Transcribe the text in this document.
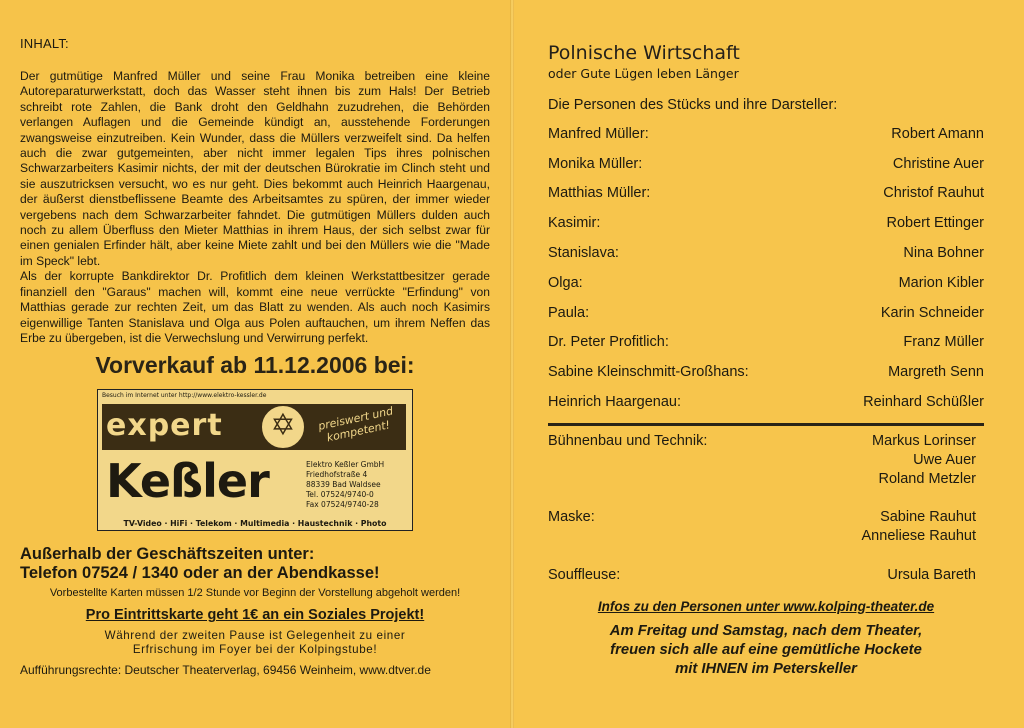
INHALT:

Der gutmütige Manfred Müller und seine Frau Monika betreiben eine kleine Autoreparaturwerkstatt, doch das Wasser steht ihnen bis zum Hals! Der Betrieb schreibt rote Zahlen, die Bank droht den Geldhahn zuzudrehen, die Behörden verlangen Auflagen und die Gemeinde kündigt an, ausstehende Forderungen zwangsweise einzutreiben. Kein Wunder, dass die Müllers verzweifelt sind. Da helfen auch die zwar gutgemeinten, aber nicht immer legalen Tips ihres polnischen Schwarzarbeiters Kasimir nichts, der mit der deutschen Bürokratie im Clinch steht und sie auszutricksen versucht, wo es nur geht. Dies bekommt auch Heinrich Haargenau, der äußerst dienstbeflissene Beamte des Arbeitsamtes zu spüren, der immer wieder vergebens nach dem Schwarzarbeiter fahndet. Die gutmütigen Müllers dulden auch noch zu allem Überfluss den Mieter Matthias in ihrem Haus, der sich selbst zwar für einen genialen Erfinder hält, aber keine Miete zahlt und bei den Müllers wie die "Made im Speck" lebt.

Als der korrupte Bankdirektor Dr. Profitlich dem kleinen Werkstattbesitzer gerade finanziell den "Garaus" machen will, kommt eine neue verrückte "Erfindung" von Matthias gerade zur rechten Zeit, um das Blatt zu wenden. Als auch noch Kasimirs eigenwillige Tanten Stanislava und Olga aus Polen auftauchen, um ihrem Neffen das Erbe zu übergeben, ist die Verwechslung und Verwirrung perfekt.

Vorverkauf ab 11.12.2006 bei:
Besuch im Internet unter http://www.elektro-kessler.de
expert	✡	preiswert und kompetent!
Keßler	Elektro Keßler GmbH
Friedhofstraße 4
88339 Bad Waldsee
Tel. 07524/9740-0
Fax 07524/9740-28
TV-Video · HiFi · Telekom · Multimedia · Haustechnik · Photo
Außerhalb der Geschäftszeiten unter:
Telefon 07524 / 1340 oder an der Abendkasse!
Vorbestellte Karten müssen 1/2 Stunde vor Beginn der Vorstellung abgeholt werden!
Pro Eintrittskarte geht 1€ an ein Soziales Projekt!
Während der zweiten Pause ist Gelegenheit zu einer
Erfrischung im Foyer bei der Kolpingstube!
Aufführungsrechte: Deutscher Theaterverlag, 69456 Weinheim, www.dtver.de
Polnische Wirtschaft
oder Gute Lügen leben Länger
Die Personen des Stücks und ihre Darsteller:
Manfred Müller:	Robert Amann
Monika Müller:	Christine Auer
Matthias Müller:	Christof Rauhut
Kasimir:	Robert Ettinger
Stanislava:	Nina Bohner
Olga:	Marion Kibler
Paula:	Karin Schneider
Dr. Peter Profitlich:	Franz Müller
Sabine Kleinschmitt-Großhans:	Margreth Senn
Heinrich Haargenau:	Reinhard Schüßler
Bühnenbau und Technik:	Markus Lorinser
Uwe Auer
Roland Metzler
Maske:	Sabine Rauhut
Anneliese Rauhut
Souffleuse:	Ursula Bareth
Infos zu den Personen unter www.kolping-theater.de
Am Freitag und Samstag, nach dem Theater,
freuen sich alle auf eine gemütliche Hockete
mit IHNEN im Peterskeller
